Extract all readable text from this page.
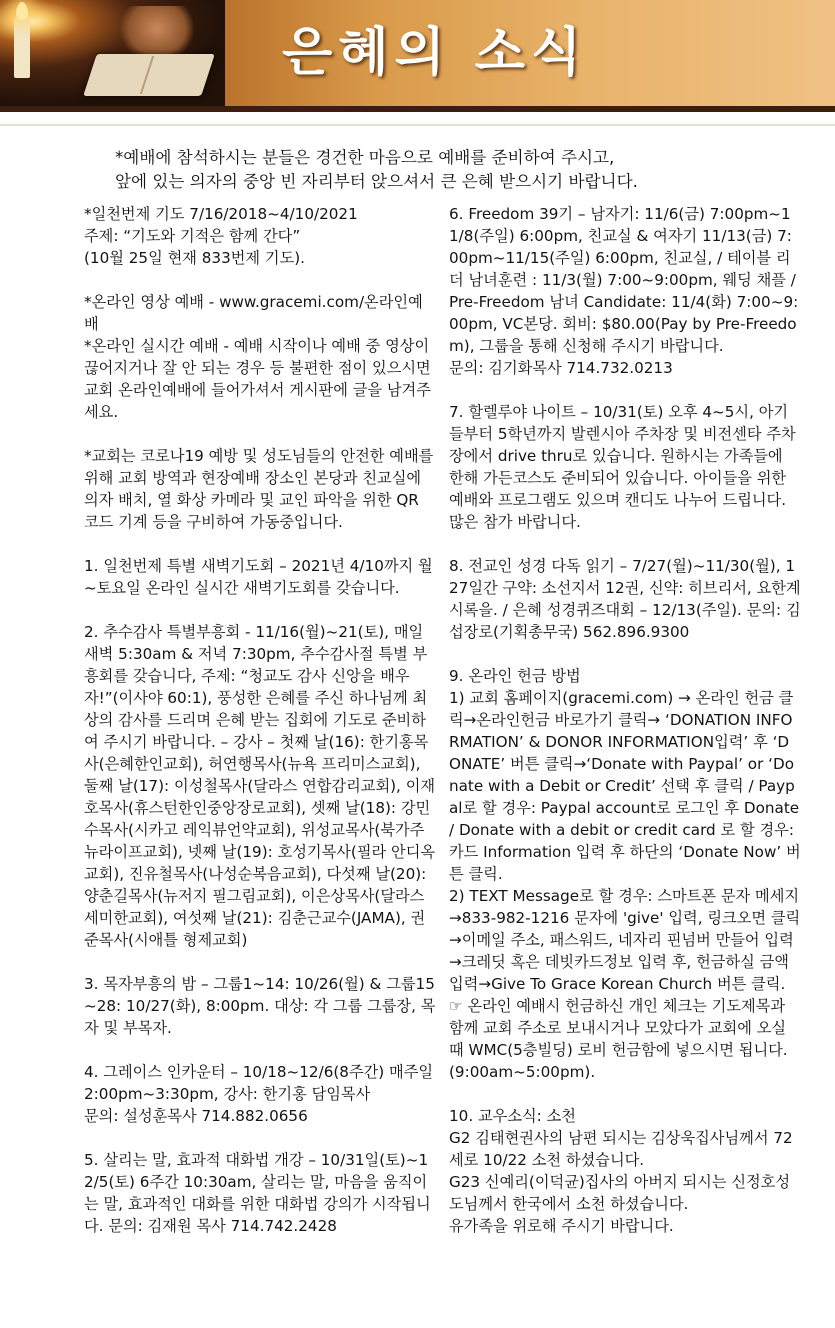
은혜의 소식

*예배에 참석하시는 분들은 경건한 마음으로 예배를 준비하여 주시고,

앞에 있는 의자의 중앙 빈 자리부터 앉으셔서 큰 은혜 받으시기 바랍니다.

*일천번제 기도 7/16/2018~4/10/2021

주제: “기도와 기적은 함께 간다”

(10월 25일 현재 833번제 기도).

*온라인 영상 예배 - www.gracemi.com/온라인예배

*온라인 실시간 예배 - 예배 시작이나 예배 중 영상이 끊어지거나 잘 안 되는 경우 등 불편한 점이 있으시면 교회 온라인예배에 들어가셔서 게시판에 글을 남겨주세요.

*교회는 코로나19 예방 및 성도님들의 안전한 예배를 위해 교회 방역과 현장예배 장소인 본당과 친교실에 의자 배치, 열 화상 카메라 및 교인 파악을 위한 QR 코드 기계 등을 구비하여 가동중입니다.

1. 일천번제 특별 새벽기도회 – 2021년 4/10까지 월~토요일 온라인 실시간 새벽기도회를 갖습니다.

2. 추수감사 특별부흥회 - 11/16(월)~21(토), 매일 새벽 5:30am & 저녁 7:30pm, 추수감사절 특별 부흥회를 갖습니다, 주제: “청교도 감사 신앙을 배우자!”(이사야 60:1), 풍성한 은혜를 주신 하나님께 최상의 감사를 드리며 은혜 받는 집회에 기도로 준비하여 주시기 바랍니다. – 강사 – 첫째 날(16): 한기홍목사(은혜한인교회), 허연행목사(뉴욕 프리미스교회), 둘째 날(17): 이성철목사(달라스 연합감리교회), 이재호목사(휴스턴한인중앙장로교회), 셋째 날(18): 강민수목사(시카고 레익뷰언약교회), 위성교목사(북가주 뉴라이프교회), 넷째 날(19): 호성기목사(필라 안디옥교회), 진유철목사(나성순복음교회), 다섯째 날(20): 양춘길목사(뉴저지 필그림교회), 이은상목사(달라스 세미한교회), 여섯째 날(21): 김춘근교수(JAMA), 권준목사(시애틀 형제교회)

3. 목자부흥의 밤 – 그룹1~14: 10/26(월) & 그룹15~28: 10/27(화), 8:00pm. 대상: 각 그룹 그룹장, 목자 및 부목자.

4. 그레이스 인카운터 – 10/18~12/6(8주간) 매주일 2:00pm~3:30pm, 강사: 한기홍 담임목사

문의: 설성훈목사 714.882.0656

5. 살리는 말, 효과적 대화법 개강 – 10/31일(토)~12/5(토) 6주간 10:30am, 살리는 말, 마음을 움직이는 말, 효과적인 대화를 위한 대화법 강의가 시작됩니다. 문의: 김재원 목사 714.742.2428

6. Freedom 39기 – 남자기: 11/6(금) 7:00pm~11/8(주일) 6:00pm, 친교실 & 여자기 11/13(금) 7:00pm~11/15(주일) 6:00pm, 친교실, / 테이블 리더 남녀훈련 : 11/3(월) 7:00~9:00pm, 웨딩 채플 / Pre-Freedom 남녀 Candidate: 11/4(화) 7:00~9:00pm, VC본당. 회비: $80.00(Pay by Pre-Freedom), 그룹을 통해 신청해 주시기 바랍니다.

문의: 김기화목사 714.732.0213

7. 할렐루야 나이트 – 10/31(토) 오후 4~5시, 아기들부터 5학년까지 발렌시아 주차장 및 비전센타 주차장에서 drive thru로 있습니다. 원하시는 가족들에 한해 가든코스도 준비되어 있습니다. 아이들을 위한 예배와 프로그램도 있으며 캔디도 나누어 드립니다. 많은 참가 바랍니다.

8. 전교인 성경 다독 읽기 – 7/27(월)~11/30(월), 127일간 구약: 소선지서 12권, 신약: 히브리서, 요한계시록을. / 은혜 성경퀴즈대회 – 12/13(주일). 문의: 김섭장로(기획총무국) 562.896.9300

9. 온라인 헌금 방법

1) 교회 홈페이지(gracemi.com) → 온라인 헌금 클릭→온라인헌금 바로가기 클릭→ ‘DONATION INFORMATION’ & DONOR INFORMATION입력’ 후 ‘DONATE’ 버튼 클릭→‘Donate with Paypal’ or ‘Donate with a Debit or Credit’ 선택 후 클릭 / Paypal로 할 경우: Paypal account로 로그인 후 Donate / Donate with a debit or credit card 로 할 경우: 카드 Information 입력 후 하단의 ‘Donate Now’ 버튼 클릭.

2) TEXT Message로 할 경우: 스마트폰 문자 메세지→833-982-1216 문자에 'give' 입력, 링크오면 클릭→이메일 주소, 패스워드, 네자리 핀넘버 만들어 입력→크레딧 혹은 데빗카드정보 입력 후, 헌금하실 금액 입력→Give To Grace Korean Church 버튼 클릭.

☞ 온라인 예배시 헌금하신 개인 체크는 기도제목과 함께 교회 주소로 보내시거나 모았다가 교회에 오실 때 WMC(5층빌딩) 로비 헌금함에 넣으시면 됩니다. (9:00am~5:00pm).

10. 교우소식: 소천

G2 김태현권사의 남편 되시는 김상욱집사님께서 72세로 10/22 소천 하셨습니다.

G23 신예리(이덕균)집사의 아버지 되시는 신정호성도님께서 한국에서 소천 하셨습니다.

유가족을 위로해 주시기 바랍니다.
